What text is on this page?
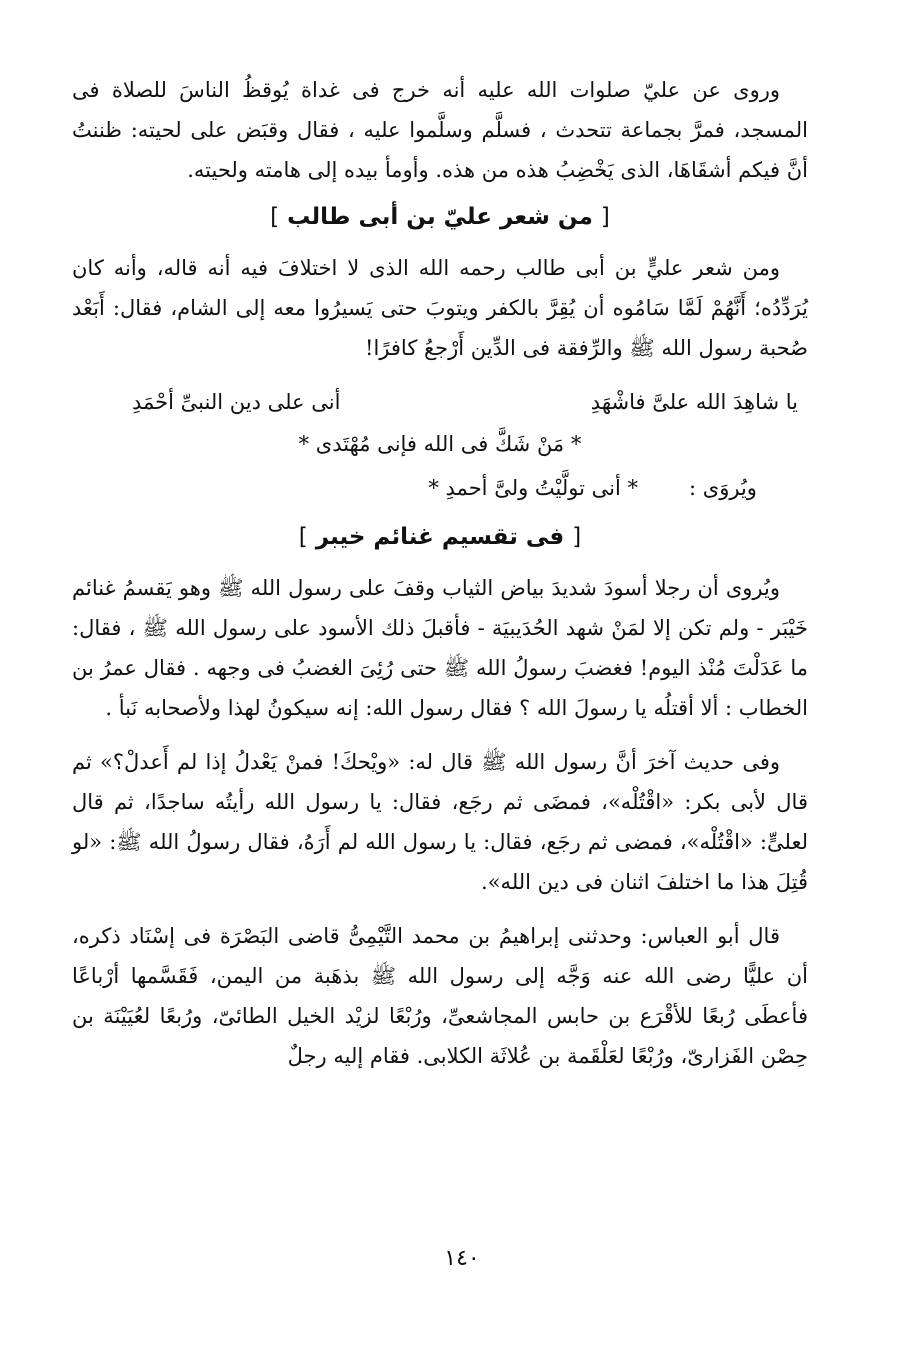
وروى عن عليّ صلوات الله عليه أنه خرج فى غداة يُوقظُ الناسَ للصلاة فى المسجد، فمرَّ بجماعة تتحدث ، فسلَّم وسلَّموا عليه ، فقال وقبَض على لحيته: ظننتُ أنَّ فيكم أشقَاهَا، الذى يَخْضِبُ هذه من هذه. وأومأ بيده إلى هامته ولحيته.

[ من شعر عليّ بن أبى طالب ]

ومن شعر عليٍّ بن أبى طالب رحمه الله الذى لا اختلافَ فيه أنه قاله، وأنه كان يُرَدِّدُه؛ أَنَّهُمْ لَمَّا سَامُوه أن يُقِرَّ بالكفر ويتوبَ حتى يَسيرُوا معه إلى الشام، فقال: أَبَعْد صُحبة رسول الله ﷺ والرِّفقة فى الدِّين أَرْجعُ كافرًا!

يا شاهِدَ الله علىَّ فاشْهَدِ
أنى على دين النبىِّ أحْمَدِ

* مَنْ شَكَّ فى الله فإنى مُهْتَدى *

ويُروَى :
* أنى تولَّيْتُ ولىَّ أحمدِ *
[ فى تقسيم غنائم خيبر ]

ويُروى أن رجلا أسودَ شديدَ بياض الثياب وقفَ على رسول الله ﷺ وهو يَقسمُ غنائم خَيْبَر - ولم تكن إلا لمَنْ شهد الحُدَيبيَة - فأقبلَ ذلك الأسود على رسول الله ﷺ ، فقال: ما عَدَلْتَ مُنْذ اليوم! فغضبَ رسولُ الله ﷺ حتى رُئِىَ الغضبُ فى وجهه . فقال عمرُ بن الخطاب : ألا أقتلُه يا رسولَ الله ؟ فقال رسول الله: إنه سيكونُ لهذا ولأصحابه نَبأ .

وفى حديث آخرَ أنَّ رسول الله ﷺ قال له: «ويْحكَ! فمنْ يَعْدلُ إذا لم أَعدلْ؟» ثم قال لأبى بكر: «اقْتُلْه»، فمضَى ثم رجَع، فقال: يا رسول الله رأيتُه ساجدًا، ثم قال لعلىٍّ: «اقْتُلْه»، فمضى ثم رجَع، فقال: يا رسول الله لم أَرَهُ، فقال رسولُ الله ﷺ: «لو قُتِلَ هذا ما اختلفَ اثنان فى دين الله».

قال أبو العباس: وحدثنى إبراهيمُ بن محمد التَّيْمِىُّ قاضى البَصْرَة فى إسْنَاد ذكره، أن عليًّا رضى الله عنه وَجَّه إلى رسول الله ﷺ بذهَبة من اليمن، فَقَسَّمها أرْباعًا فأعطَى رُبعًا للأقْرَع بن حابس المجاشعىِّ، ورُبْعًا لزيْد الخيل الطائىّ، ورُبعًا لعُيَيْنَة بن حِصْن الفَزارىّ، ورُبْعًا لعَلْقَمة بن عُلاثَة الكلابى. فقام إليه رجلٌ

١٤٠
